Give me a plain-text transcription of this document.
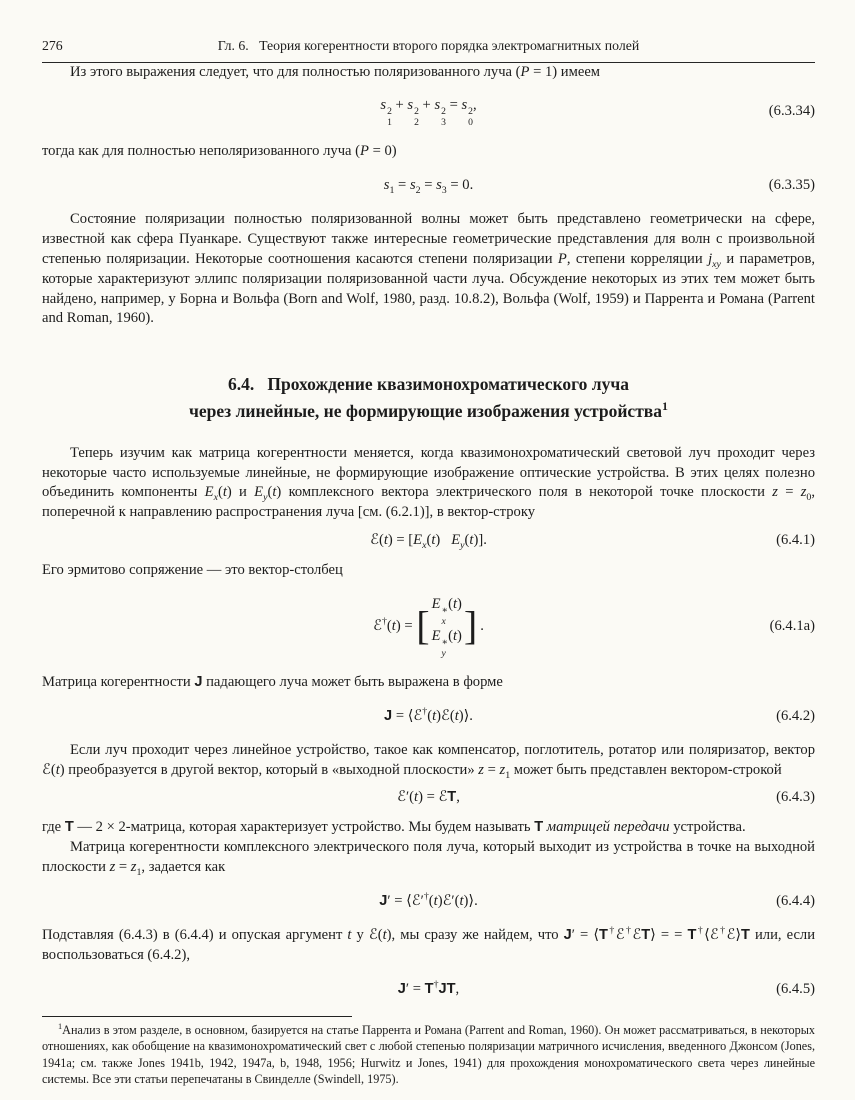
276	Гл. 6.   Теория когерентности второго порядка электромагнитных полей

Из этого выражения следует, что для полностью поляризованного луча (P = 1) имеем

s 2
1
+ s 2
2
+ s 2
3
= s 2
0
,	(6.3.34)

тогда как для полностью неполяризованного луча (P = 0)

$s_1 = s_2 = s_3 = 0$.	(6.3.35)

Состояние поляризации полностью поляризованной волны может быть представлено геометрически на сфере, известной как сфера Пуанкаре. Существуют также интересные геометрические представления для волн с произвольной степенью поляризации. Некоторые соотношения касаются степени поляризации P, степени корреляции $j_{xy}$ и параметров, которые характеризуют эллипс поляризации поляризованной части луча. Обсуждение некоторых из этих тем может быть найдено, например, у Борна и Вольфа (Born and Wolf, 1980, разд. 10.8.2), Вольфа (Wolf, 1959) и Паррента и Романа (Parrent and Roman, 1960).

6.4.   Прохождение квазимонохроматического луча
через линейные, не формирующие изображения устройства$^1$

Теперь изучим как матрица когерентности меняется, когда квазимонохроматический световой луч проходит через некоторые часто используемые линейные, не формирующие изображение оптические устройства. В этих целях полезно объединить компоненты $E_x(t)$ и $E_y(t)$ комплексного вектора электрического поля в некоторой точке плоскости $z = z_0$, поперечной к направлению распространения луча [см. (6.2.1)], в вектор-строку

ℰ(t) = [$E_x(t)$   $E_y(t)$].	(6.4.1)

Его эрмитово сопряжение — это вектор-столбец

ℰ†(t) = [ E ∗
x
(t)
E ∗
y
(t) ] .	(6.4.1a)

Матрица когерентности J падающего луча может быть выражена в форме

J = ⟨ℰ†(t)ℰ(t)⟩.	(6.4.2)

Если луч проходит через линейное устройство, такое как компенсатор, поглотитель, ротатор или поляризатор, вектор ℰ(t) преобразуется в другой вектор, который в «выходной плоскости» $z = z_1$ может быть представлен вектором-строкой

ℰ′(t) = ℰT,	(6.4.3)

где T — 2 × 2-матрица, которая характеризует устройство. Мы будем называть T матрицей передачи устройства.

Матрица когерентности комплексного электрического поля луча, который выходит из устройства в точке на выходной плоскости $z = z_1$, задается как

J′ = ⟨ℰ′†(t)ℰ′(t)⟩.	(6.4.4)

Подставляя (6.4.3) в (6.4.4) и опуская аргумент t у ℰ(t), мы сразу же найдем, что J′ = ⟨T†ℰ†ℰT⟩ = = T†⟨ℰ†ℰ⟩T или, если воспользоваться (6.4.2),

J′ = T†JT,	(6.4.5)

$^1$Анализ в этом разделе, в основном, базируется на статье Паррента и Романа (Parrent and Roman, 1960). Он может рассматриваться, в некоторых отношениях, как обобщение на квазимонохроматический свет с любой степенью поляризации матричного исчисления, введенного Джонсом (Jones, 1941a; см. также Jones 1941b, 1942, 1947a, b, 1948, 1956; Hurwitz и Jones, 1941) для прохождения монохроматического света через линейные системы. Все эти статьи перепечатаны в Свинделле (Swindell, 1975).
